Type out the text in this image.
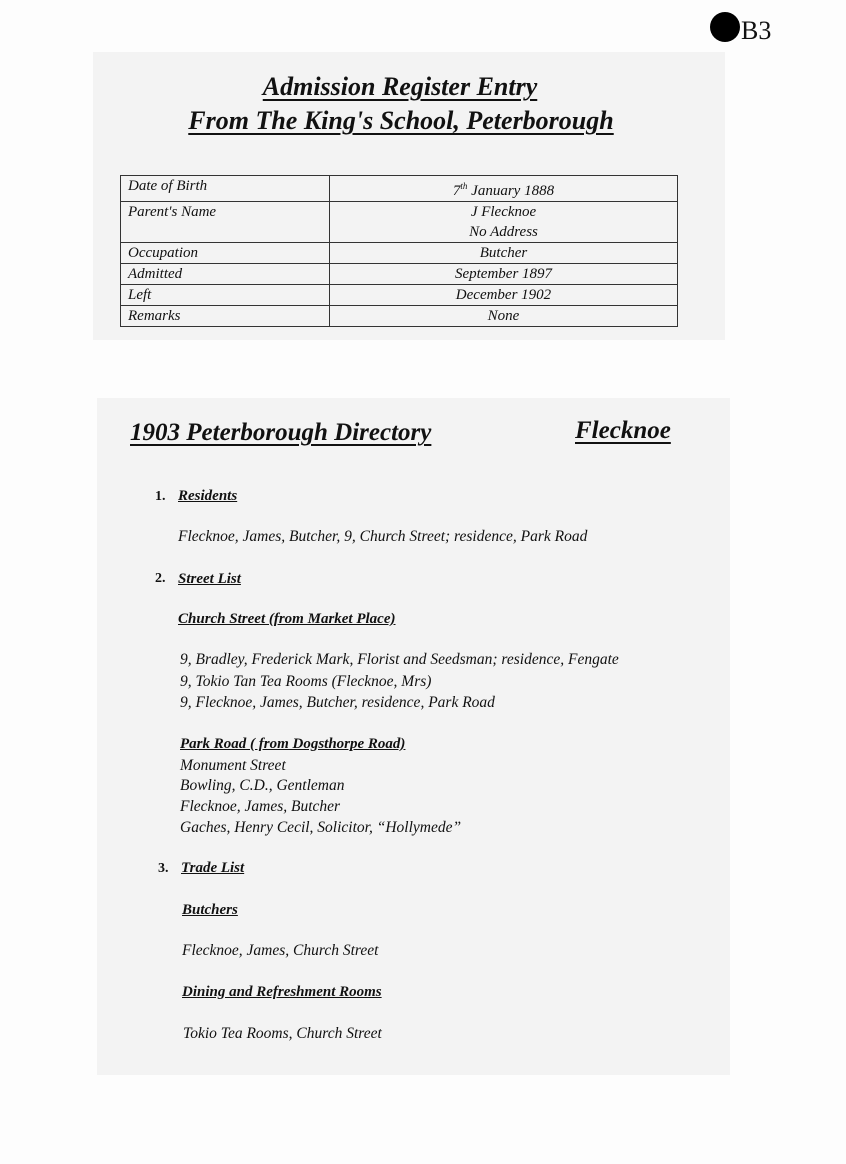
B3
Admission Register Entry
From The King's School, Peterborough
Date of Birth	7th January 1888
Parent's Name	J Flecknoe
No Address

Occupation	Butcher
Admitted	September 1897
Left	December 1902
Remarks	None
1903 Peterborough Directory	Flecknoe
1. Residents
Flecknoe, James, Butcher, 9, Church Street; residence, Park Road
2. Street List
Church Street (from Market Place)
9, Bradley, Frederick Mark, Florist and Seedsman; residence, Fengate
9, Tokio Tan Tea Rooms (Flecknoe, Mrs)
9, Flecknoe, James, Butcher, residence, Park Road
Park Road ( from Dogsthorpe Road)
Monument Street
Bowling, C.D., Gentleman
Flecknoe, James, Butcher
Gaches, Henry Cecil, Solicitor, “Hollymede”
3. Trade List
Butchers
Flecknoe, James, Church Street
Dining and Refreshment Rooms
Tokio Tea Rooms, Church Street
